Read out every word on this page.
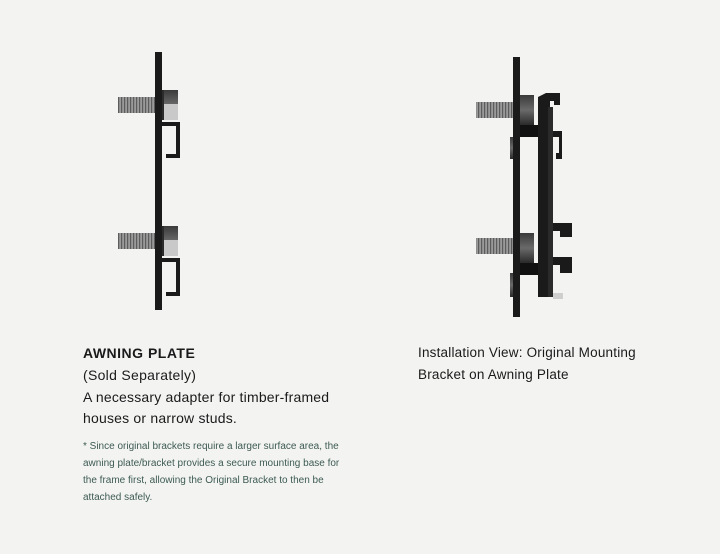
AWNING PLATE

(Sold Separately)

A necessary adapter for timber-framed houses or narrow studs.

* Since original brackets require a larger surface area, the awning plate/bracket provides a secure mounting base for the frame first, allowing the Original Bracket to then be attached safely.

Installation View: Original Mounting Bracket on Awning Plate
